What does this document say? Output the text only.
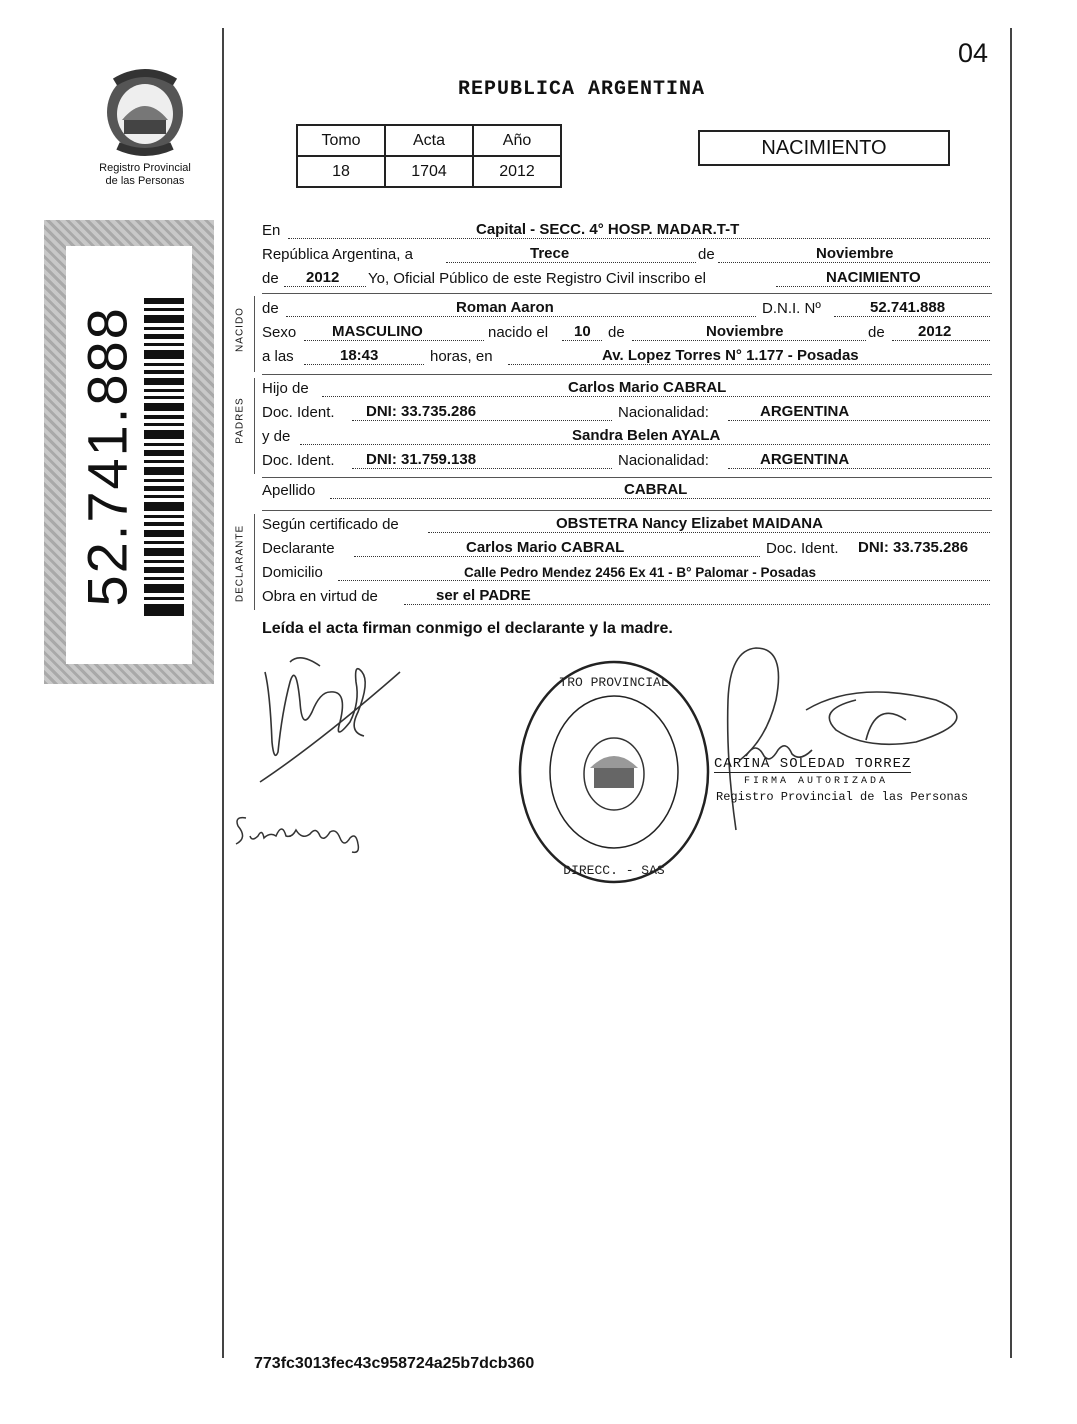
04
REPUBLICA ARGENTINA
Registro Provincial
de las Personas
Tomo	Acta	Año
18	1704	2012
NACIMIENTO
52.741.888
En	Capital - SECC. 4° HOSP. MADAR.T-T
República Argentina, a	Trece	de	Noviembre
de 2012 Yo, Oficial Público de este Registro Civil inscribo el	NACIMIENTO
NACIDO de	Roman Aaron	D.N.I. Nº	52.741.888
Sexo MASCULINO	nacido el 10 de	Noviembre	de 2012
a las	18:43	horas, en	Av. Lopez Torres N° 1.177 - Posadas
PADRES
Hijo de	Carlos Mario CABRAL
Doc. Ident. DNI: 33.735.286	Nacionalidad:	ARGENTINA
y de	Sandra Belen AYALA
Doc. Ident. DNI: 31.759.138	Nacionalidad:	ARGENTINA
Apellido	CABRAL
DECLARANTE
Según certificado de	OBSTETRA Nancy Elizabet MAIDANA
Declarante	Carlos Mario CABRAL	Doc. Ident. DNI: 33.735.286
Domicilio	Calle Pedro Mendez 2456 Ex 41 - B° Palomar - Posadas
Obra en virtud de	ser el PADRE
Leída el acta firman conmigo el declarante y la madre.
TRO PROVINCIAL
DIRECC. - SAS
CARINA SOLEDAD TORREZ
FIRMA AUTORIZADA
Registro Provincial de las Personas
773fc3013fec43c958724a25b7dcb360
